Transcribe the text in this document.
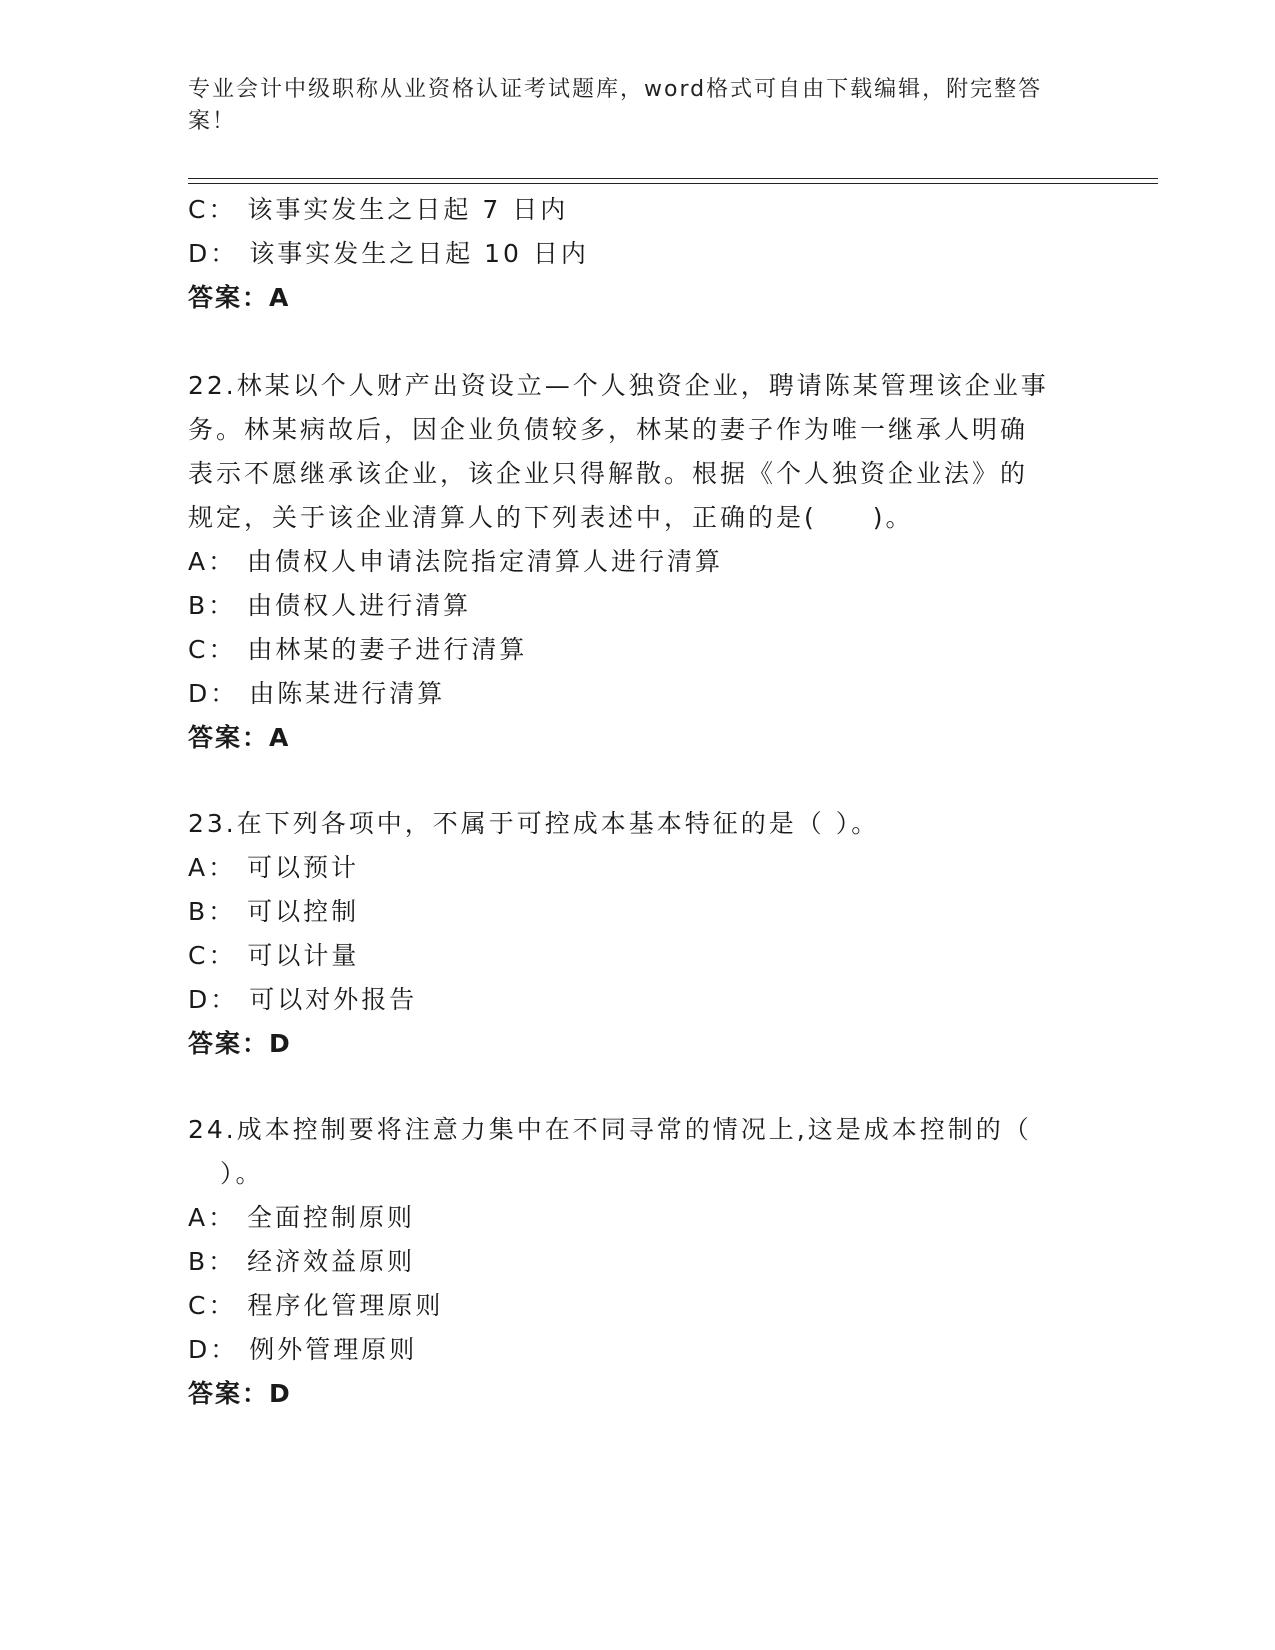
专业会计中级职称从业资格认证考试题库，word格式可自由下载编辑，附完整答案！
C： 该事实发生之日起 7 日内
D： 该事实发生之日起 10 日内
答案：A
22.林某以个人财产出资设立—个人独资企业，聘请陈某管理该企业事
务。林某病故后，因企业负债较多，林某的妻子作为唯一继承人明确
表示不愿继承该企业，该企业只得解散。根据《个人独资企业法》的
规定，关于该企业清算人的下列表述中，正确的是(　　)。
A： 由债权人申请法院指定清算人进行清算
B： 由债权人进行清算
C： 由林某的妻子进行清算
D： 由陈某进行清算
答案：A
23.在下列各项中，不属于可控成本基本特征的是（ ）。
A： 可以预计
B： 可以控制
C： 可以计量
D： 可以对外报告
答案：D
24.成本控制要将注意力集中在不同寻常的情况上,这是成本控制的（
）。
A： 全面控制原则
B： 经济效益原则
C： 程序化管理原则
D： 例外管理原则
答案：D
